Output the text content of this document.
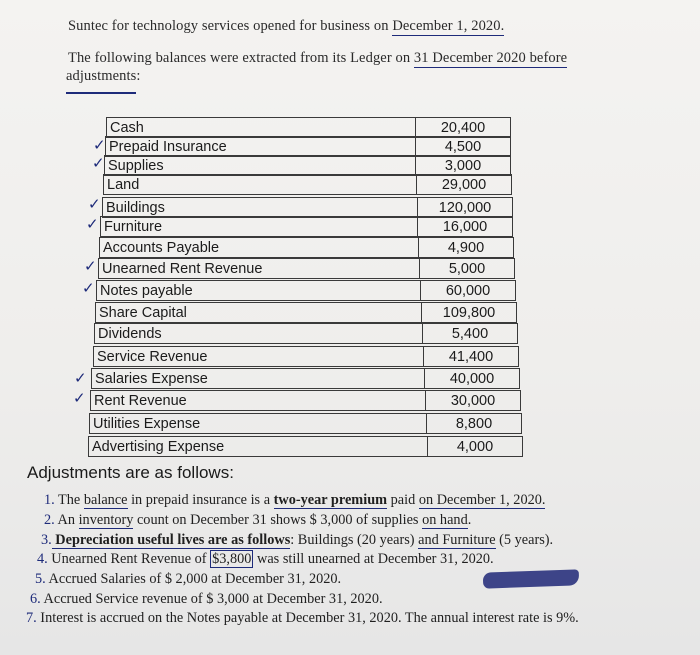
Suntec for technology services opened for business on December 1, 2020.
The following balances were extracted from its Ledger on 31 December 2020 before
adjustments:
Cash	20,400
Prepaid Insurance	4,500
Supplies	3,000
Land	29,000
Buildings	120,000
Furniture	16,000
Accounts Payable	4,900
Unearned Rent Revenue	5,000
Notes payable	60,000
Share Capital	109,800
Dividends	5,400
Service Revenue	41,400
Salaries Expense	40,000
Rent Revenue	30,000
Utilities Expense	8,800
Advertising Expense	4,000
✓
✓
✓
✓
✓
✓
✓
✓
Adjustments are as follows:
1. The balance in prepaid insurance is a two-year premium paid on December 1, 2020.
2. An inventory count on December 31 shows $ 3,000 of supplies on hand.
3. Depreciation useful lives are as follows: Buildings (20 years) and Furniture (5 years).
4. Unearned Rent Revenue of $3,800 was still unearned at December 31, 2020.
5. Accrued Salaries of $ 2,000 at December 31, 2020.
6. Accrued Service revenue of $ 3,000 at December 31, 2020.
7. Interest is accrued on the Notes payable at December 31, 2020. The annual interest rate is 9%.
